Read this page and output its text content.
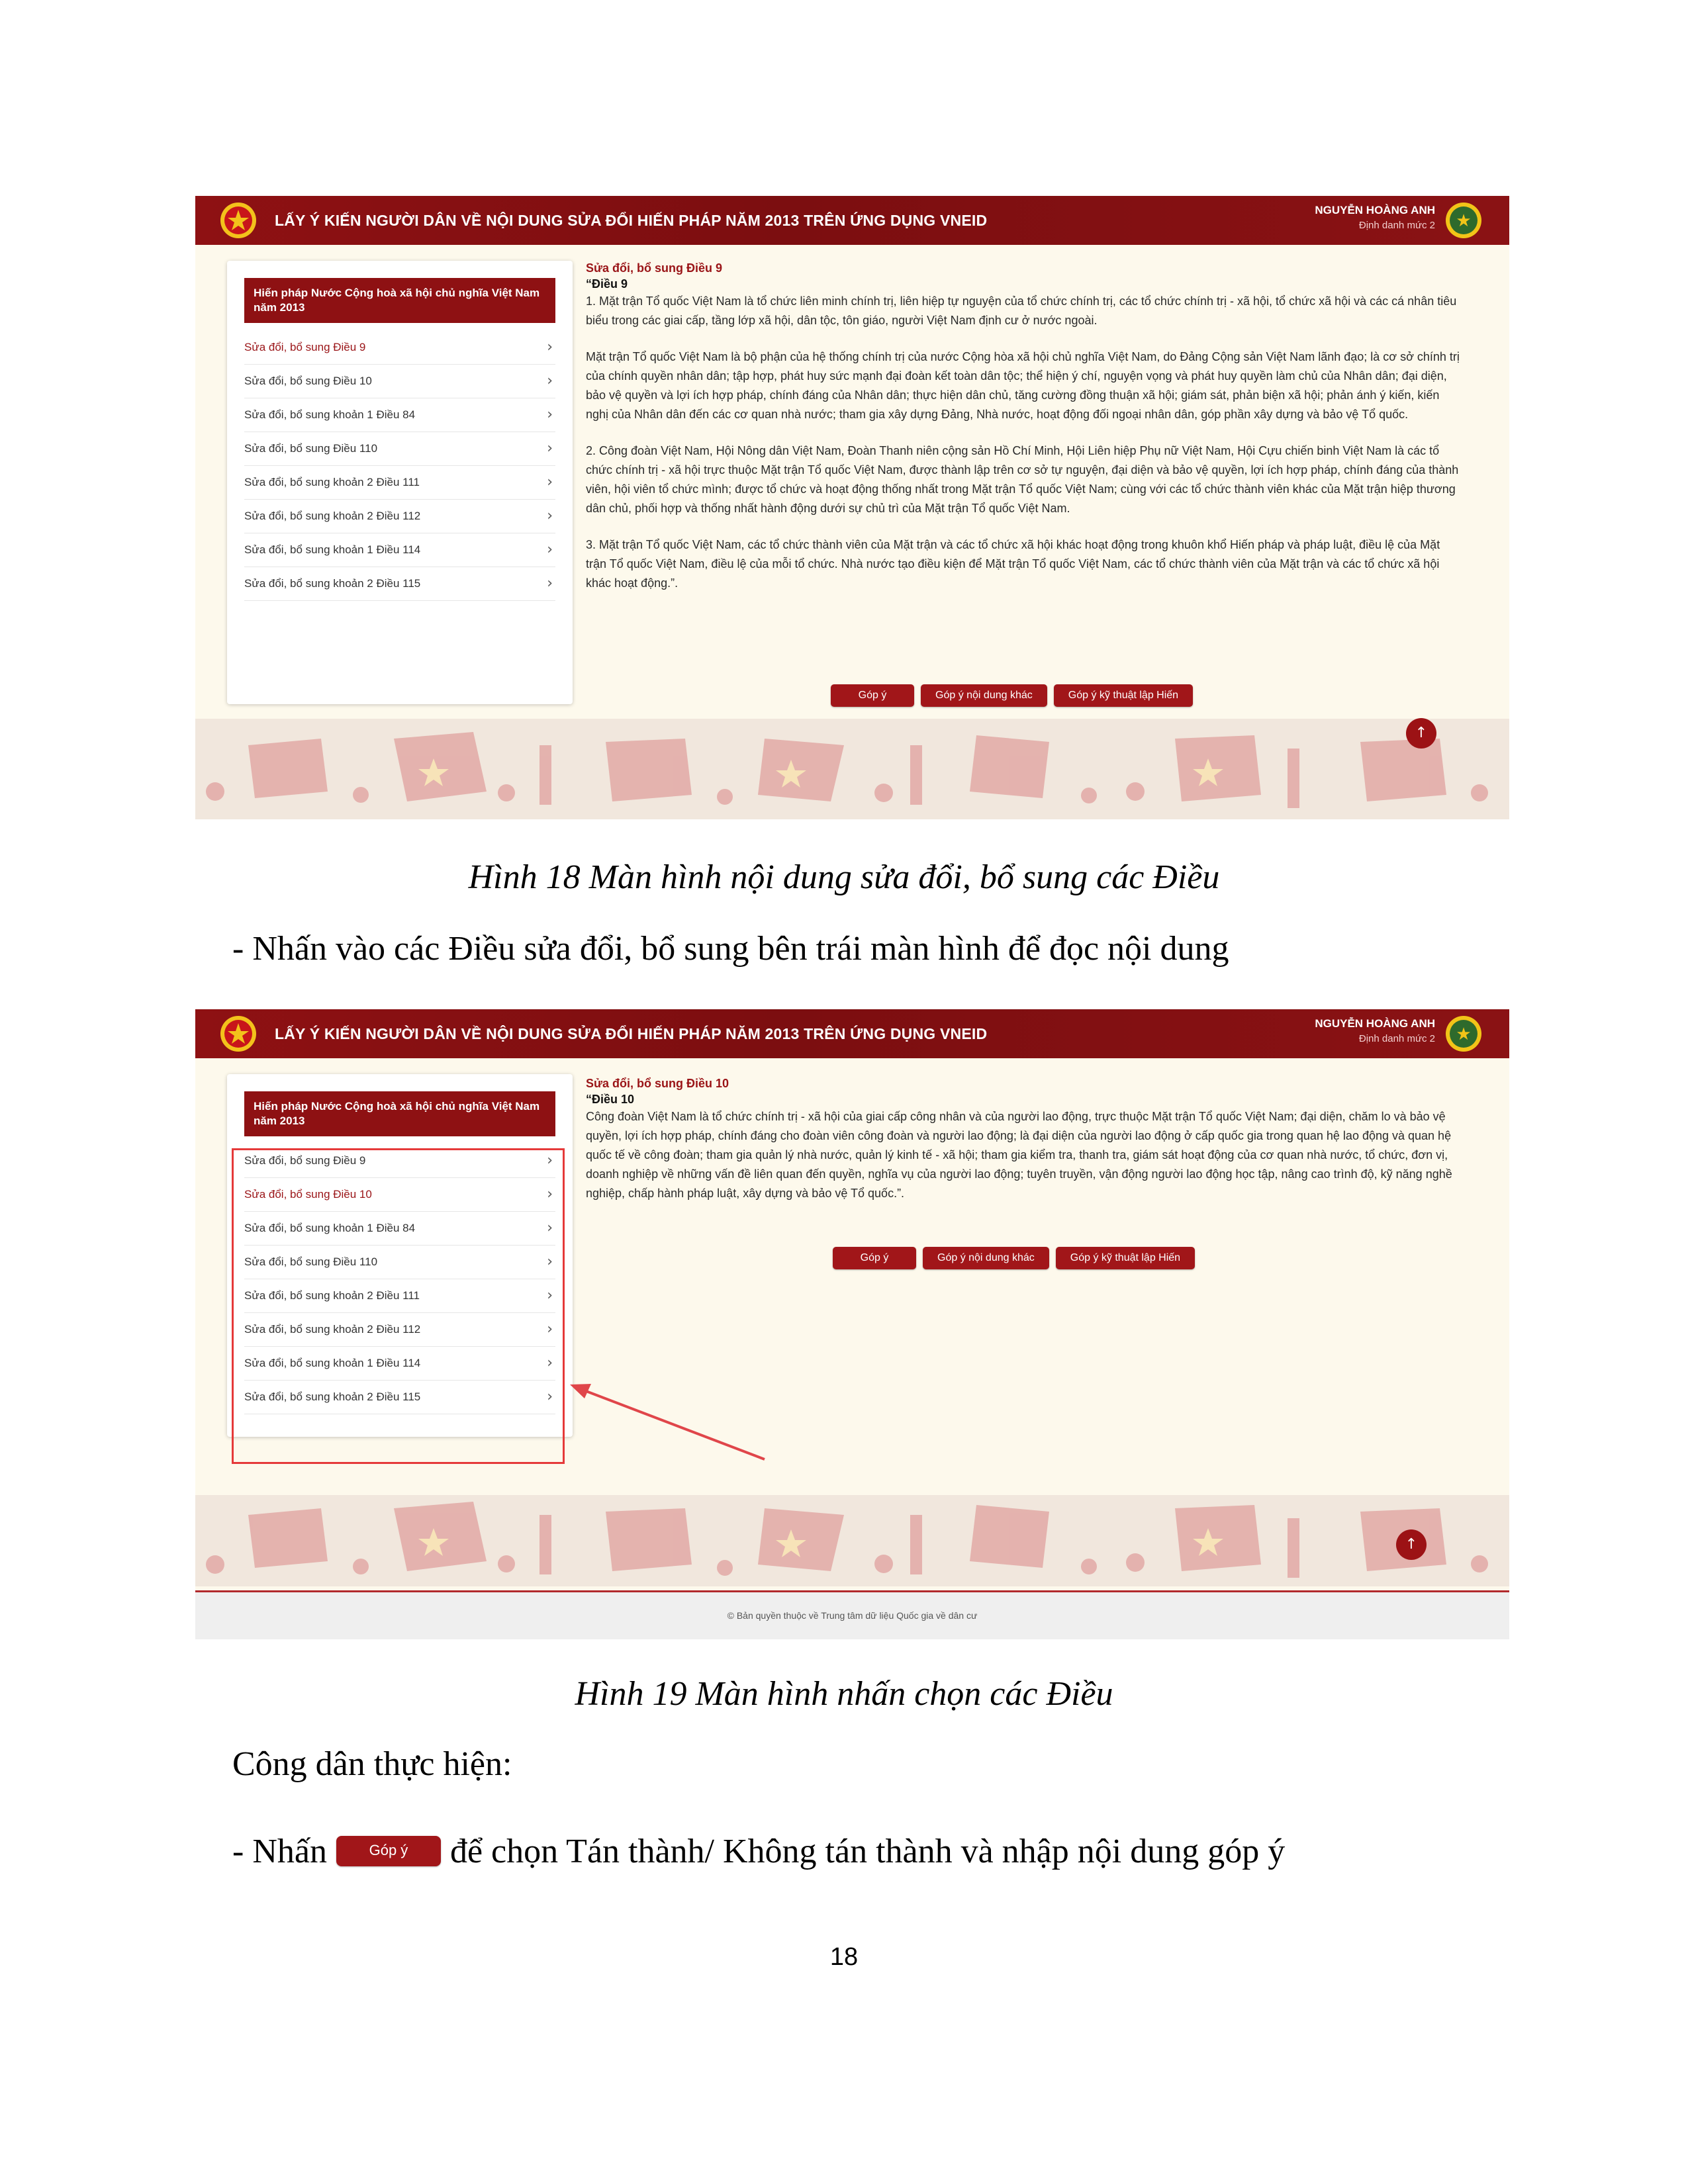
LẤY Ý KIẾN NGƯỜI DÂN VỀ NỘI DUNG SỬA ĐỔI HIẾN PHÁP NĂM 2013 TRÊN ỨNG DỤNG VNEID
NGUYỄN HOÀNG ANH
Định danh mức 2	★
Hiến pháp Nước Cộng hoà xã hội chủ nghĩa Việt Nam năm 2013
Sửa đổi, bổ sung Điều 9	›
Sửa đổi, bổ sung Điều 10	›
Sửa đổi, bổ sung khoản 1 Điều 84	›
Sửa đổi, bổ sung Điều 110	›
Sửa đổi, bổ sung khoản 2 Điều 111	›
Sửa đổi, bổ sung khoản 2 Điều 112	›
Sửa đổi, bổ sung khoản 1 Điều 114	›
Sửa đổi, bổ sung khoản 2 Điều 115	›
Sửa đổi, bổ sung Điều 9
“Điều 9

1. Mặt trận Tổ quốc Việt Nam là tổ chức liên minh chính trị, liên hiệp tự nguyện của tổ chức chính trị, các tổ chức chính trị - xã hội, tổ chức xã hội và các cá nhân tiêu biểu trong các giai cấp, tầng lớp xã hội, dân tộc, tôn giáo, người Việt Nam định cư ở nước ngoài.

Mặt trận Tổ quốc Việt Nam là bộ phận của hệ thống chính trị của nước Cộng hòa xã hội chủ nghĩa Việt Nam, do Đảng Cộng sản Việt Nam lãnh đạo; là cơ sở chính trị của chính quyền nhân dân; tập hợp, phát huy sức mạnh đại đoàn kết toàn dân tộc; thể hiện ý chí, nguyện vọng và phát huy quyền làm chủ của Nhân dân; đại diện, bảo vệ quyền và lợi ích hợp pháp, chính đáng của Nhân dân; thực hiện dân chủ, tăng cường đồng thuận xã hội; giám sát, phản biện xã hội; phản ánh ý kiến, kiến nghị của Nhân dân đến các cơ quan nhà nước; tham gia xây dựng Đảng, Nhà nước, hoạt động đối ngoại nhân dân, góp phần xây dựng và bảo vệ Tổ quốc.

2. Công đoàn Việt Nam, Hội Nông dân Việt Nam, Đoàn Thanh niên cộng sản Hồ Chí Minh, Hội Liên hiệp Phụ nữ Việt Nam, Hội Cựu chiến binh Việt Nam là các tổ chức chính trị - xã hội trực thuộc Mặt trận Tổ quốc Việt Nam, được thành lập trên cơ sở tự nguyện, đại diện và bảo vệ quyền, lợi ích hợp pháp, chính đáng của thành viên, hội viên tổ chức mình; được tổ chức và hoạt động thống nhất trong Mặt trận Tổ quốc Việt Nam; cùng với các tổ chức thành viên khác của Mặt trận hiệp thương dân chủ, phối hợp và thống nhất hành động dưới sự chủ trì của Mặt trận Tổ quốc Việt Nam.

3. Mặt trận Tổ quốc Việt Nam, các tổ chức thành viên của Mặt trận và các tổ chức xã hội khác hoạt động trong khuôn khổ Hiến pháp và pháp luật, điều lệ của Mặt trận Tổ quốc Việt Nam, điều lệ của mỗi tổ chức. Nhà nước tạo điều kiện để Mặt trận Tổ quốc Việt Nam, các tổ chức thành viên của Mặt trận và các tổ chức xã hội khác hoạt động.”.

Góp ý	Góp ý nội dung khác	Góp ý kỹ thuật lập Hiến
↑
Hình 18 Màn hình nội dung sửa đổi, bổ sung các Điều
- Nhấn vào các Điều sửa đổi, bổ sung bên trái màn hình để đọc nội dung
LẤY Ý KIẾN NGƯỜI DÂN VỀ NỘI DUNG SỬA ĐỔI HIẾN PHÁP NĂM 2013 TRÊN ỨNG DỤNG VNEID
NGUYỄN HOÀNG ANH
Định danh mức 2	★
Hiến pháp Nước Cộng hoà xã hội chủ nghĩa Việt Nam năm 2013
Sửa đổi, bổ sung Điều 9	›
Sửa đổi, bổ sung Điều 10	›
Sửa đổi, bổ sung khoản 1 Điều 84	›
Sửa đổi, bổ sung Điều 110	›
Sửa đổi, bổ sung khoản 2 Điều 111	›
Sửa đổi, bổ sung khoản 2 Điều 112	›
Sửa đổi, bổ sung khoản 1 Điều 114	›
Sửa đổi, bổ sung khoản 2 Điều 115	›
Sửa đổi, bổ sung Điều 10
“Điều 10

Công đoàn Việt Nam là tổ chức chính trị - xã hội của giai cấp công nhân và của người lao động, trực thuộc Mặt trận Tổ quốc Việt Nam; đại diện, chăm lo và bảo vệ quyền, lợi ích hợp pháp, chính đáng cho đoàn viên công đoàn và người lao động; là đại diện của người lao động ở cấp quốc gia trong quan hệ lao động và quan hệ quốc tế về công đoàn; tham gia quản lý nhà nước, quản lý kinh tế - xã hội; tham gia kiểm tra, thanh tra, giám sát hoạt động của cơ quan nhà nước, tổ chức, đơn vị, doanh nghiệp về những vấn đề liên quan đến quyền, nghĩa vụ của người lao động; tuyên truyền, vận động người lao động học tập, nâng cao trình độ, kỹ năng nghề nghiệp, chấp hành pháp luật, xây dựng và bảo vệ Tổ quốc.”.

Góp ý	Góp ý nội dung khác	Góp ý kỹ thuật lập Hiến
↑
© Bản quyền thuộc về Trung tâm dữ liệu Quốc gia về dân cư
Hình 19 Màn hình nhấn chọn các Điều
Công dân thực hiện:
- Nhấn	Góp ý để chọn Tán thành/ Không tán thành và nhập nội dung góp ý
18
